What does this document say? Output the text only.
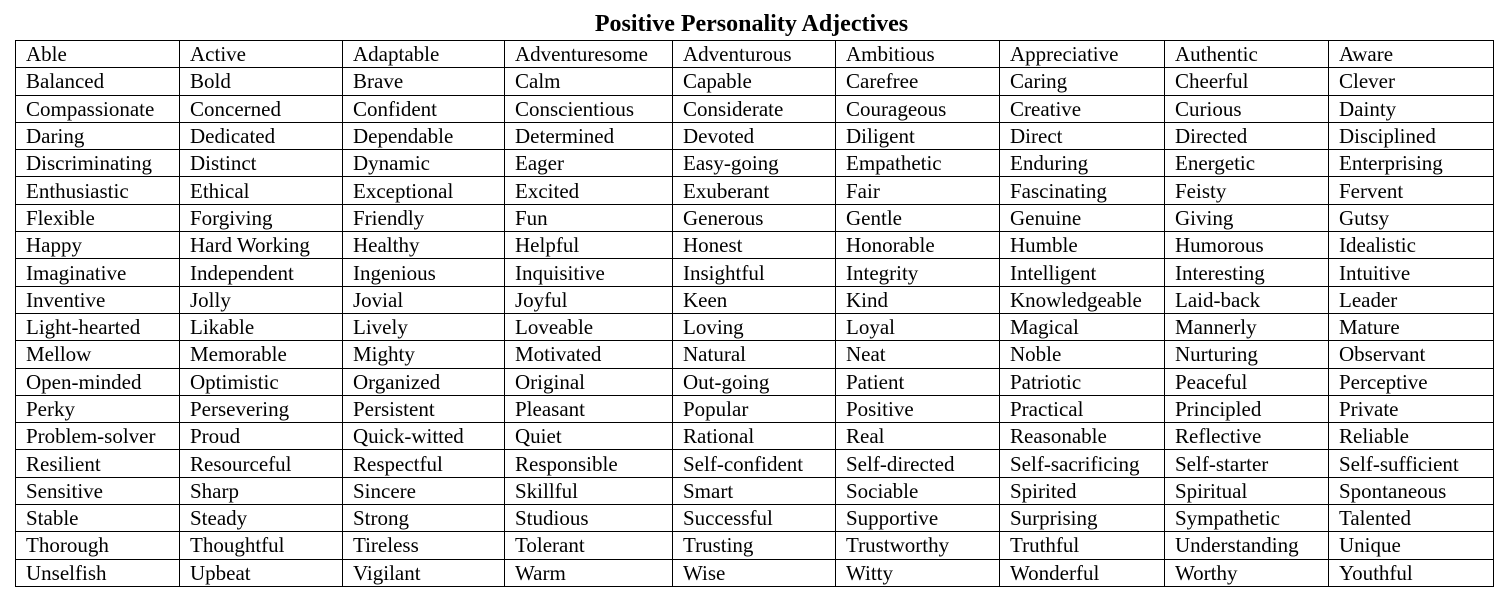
Positive Personality Adjectives
Able	Active	Adaptable	Adventuresome	Adventurous	Ambitious	Appreciative	Authentic	Aware
Balanced	Bold	Brave	Calm	Capable	Carefree	Caring	Cheerful	Clever
Compassionate	Concerned	Confident	Conscientious	Considerate	Courageous	Creative	Curious	Dainty
Daring	Dedicated	Dependable	Determined	Devoted	Diligent	Direct	Directed	Disciplined
Discriminating	Distinct	Dynamic	Eager	Easy-going	Empathetic	Enduring	Energetic	Enterprising
Enthusiastic	Ethical	Exceptional	Excited	Exuberant	Fair	Fascinating	Feisty	Fervent
Flexible	Forgiving	Friendly	Fun	Generous	Gentle	Genuine	Giving	Gutsy
Happy	Hard Working	Healthy	Helpful	Honest	Honorable	Humble	Humorous	Idealistic
Imaginative	Independent	Ingenious	Inquisitive	Insightful	Integrity	Intelligent	Interesting	Intuitive
Inventive	Jolly	Jovial	Joyful	Keen	Kind	Knowledgeable	Laid-back	Leader
Light-hearted	Likable	Lively	Loveable	Loving	Loyal	Magical	Mannerly	Mature
Mellow	Memorable	Mighty	Motivated	Natural	Neat	Noble	Nurturing	Observant
Open-minded	Optimistic	Organized	Original	Out-going	Patient	Patriotic	Peaceful	Perceptive
Perky	Persevering	Persistent	Pleasant	Popular	Positive	Practical	Principled	Private
Problem-solver	Proud	Quick-witted	Quiet	Rational	Real	Reasonable	Reflective	Reliable
Resilient	Resourceful	Respectful	Responsible	Self-confident	Self-directed	Self-sacrificing	Self-starter	Self-sufficient
Sensitive	Sharp	Sincere	Skillful	Smart	Sociable	Spirited	Spiritual	Spontaneous
Stable	Steady	Strong	Studious	Successful	Supportive	Surprising	Sympathetic	Talented
Thorough	Thoughtful	Tireless	Tolerant	Trusting	Trustworthy	Truthful	Understanding	Unique
Unselfish	Upbeat	Vigilant	Warm	Wise	Witty	Wonderful	Worthy	Youthful
